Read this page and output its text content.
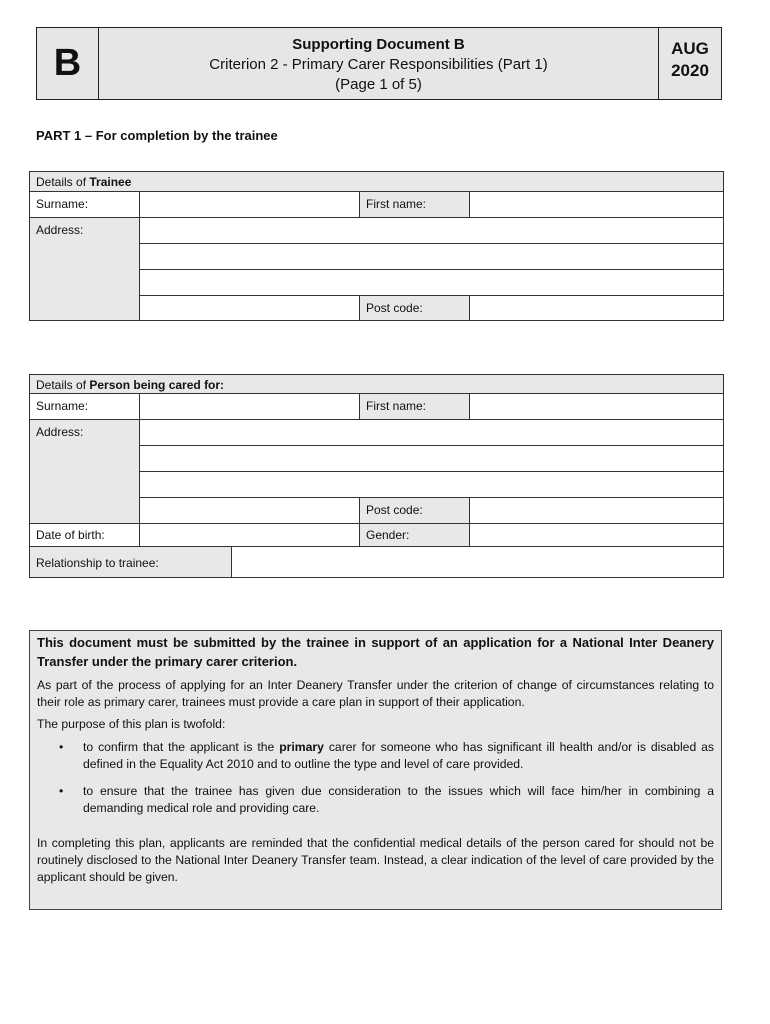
B	Supporting Document B
Criterion 2 - Primary Carer Responsibilities (Part 1)
(Page 1 of 5)
AUG
2020
PART 1 – For completion by the trainee
Details of Trainee
Surname:	First name:
Address:
Post code:
Details of Person being cared for:
Surname:	First name:
Address:
Post code:
Date of birth:	Gender:
Relationship to trainee:

This document must be submitted by the trainee in support of an application for a National Inter Deanery Transfer under the primary carer criterion.

As part of the process of applying for an Inter Deanery Transfer under the criterion of change of circumstances relating to their role as primary carer, trainees must provide a care plan in support of their application.

The purpose of this plan is twofold:

• to confirm that the applicant is the primary carer for someone who has significant ill health and/or is disabled as defined in the Equality Act 2010 and to outline the type and level of care provided.
• to ensure that the trainee has given due consideration to the issues which will face him/her in combining a demanding medical role and providing care.

In completing this plan, applicants are reminded that the confidential medical details of the person cared for should not be routinely disclosed to the National Inter Deanery Transfer team. Instead, a clear indication of the level of care provided by the applicant should be given.
